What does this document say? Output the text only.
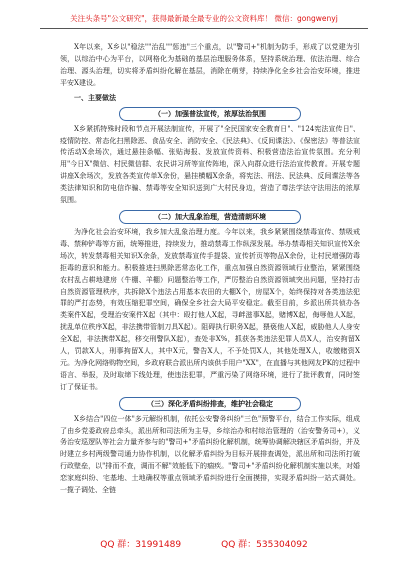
关注头条号"公文研究"，获得最新最全最专业的公文资料库！ 微信：gongwenyj

X年以来，X乡以"稳法""治乱""惩违"三个重点，以"警司+"机制为防手，形成了以党建为引领，以综治中心为平台，以网格化为基础的基层治理服务体系，坚持系统治理、依法治理、综合治理、源头治理，切实将矛盾纠纷化解在基层，消除在萌芽，持续净化全乡社会治安环境，推进平安X建设。

一、主要做法
（一）加强普法宣传，浓厚法治氛围

X乡紧抓特殊时段和节点开展法制宣传，开展了"全民国家安全教育日"、"124宪法宣传日"、疫情防控、常态化扫黑除恶、食品安全、消防安全、《民法典》、《反间谍法》、《保密法》等普法宣传活动X余场次，通过悬挂条幅、张贴海报、发放宣传资料、积极营造法治宣传氛围。充分利用"今日X"微信、村民微信群、农民讲习所等宣传阵地，深入向群众进行法治宣传教育。开展专题讲座X余场次，发放各类宣传单X余份，悬挂横幅X余条，将宪法、刑法、民法典、反间谍法等各类法律知识和防电信诈骗、禁毒等安全知识送到广大村民身边，营造了尊法学法守法用法的浓厚氛围。

（二）加大乱象治理，营造清朗环境

为净化社会治安环境，我乡加大乱象治理力度。今年以来，我乡紧紧围绕禁毒宣传、禁吸戒毒、禁种铲毒等方面，统筹推进，持续发力，推动禁毒工作纵深发展。举办禁毒相关知识宣传X余场次，转发禁毒相关知识X余条，发放禁毒宣传手提袋、宣传折页等物品X余份，让村民增强防毒拒毒的意识和能力。积极推进扫黑除恶常态化工作，重点加强自然资源领域行业整治，紧紧围绕农村乱占耕地建房（牛棚、羊棚）问题整治等工作，严厉整治自然资源领域突出问题，坚持打击自然资源管理秩序，共拆除X个违法占用基本农田的大棚X个，房屋X个，始终保持对各类违法犯罪的严打态势，有效压缩犯罪空间，确保全乡社会大局平安稳定。截至目前，乡派出所共侦办各类案件X起，受理治安案件X起（其中：殴打他人X起，寻衅滋事X起，赌博X起，侮辱他人X起，扰乱单位秩序X起，非法携带管制刀具X起）。阻碍执行职务X起，猥亵他人X起，威胁他人人身安全X起，非法携带X起，移交刑警队X起），查处非X%，抓获各类违法犯罪人员X人，治安拘留X人，罚款X人，刑事拘留X人，其中X元，警告X人，不予处罚X人，其他处理X人，收缴赌资X元。为净化网络购物空间，乡政府联合派出所内该供手用户"XX"，在直播与其他网友PK的过程中语言、举报，及时取缔下线处理，使违法犯罪，严重污染了网络环境，进行了批评教育，同时签订了保证书。

（三）深化矛盾纠纷排查，维护社会稳定

X乡结合"四位一体"多元解纷机制，依托公安警务纠纷"三色"预警平台，结合工作实际，组成了由乡党委政府总牵头，派出所和司法所为主导，乡综治办和村综治管理的（治安警务司+），义务治安巡逻队等社会力量齐参与的"警司+"矛盾纠纷化解机制，统筹协调解决辖区矛盾纠纷，并及时建立乡村两级警司通力协作机制，以化解矛盾纠纷为目标开展排查调处，派出所和司法所打破行政壁垒，以"排而不查，调而不解"效能低下的痼疾。"警司+"矛盾纠纷化解机制实施以来，对婚恋家庭纠纷、宅基地、土地确权等重点领域矛盾纠纷进行全面摸排，实现矛盾纠纷一站式调处。一揽子调处、全链

QQ 群：31991489	QQ 群：535304092
